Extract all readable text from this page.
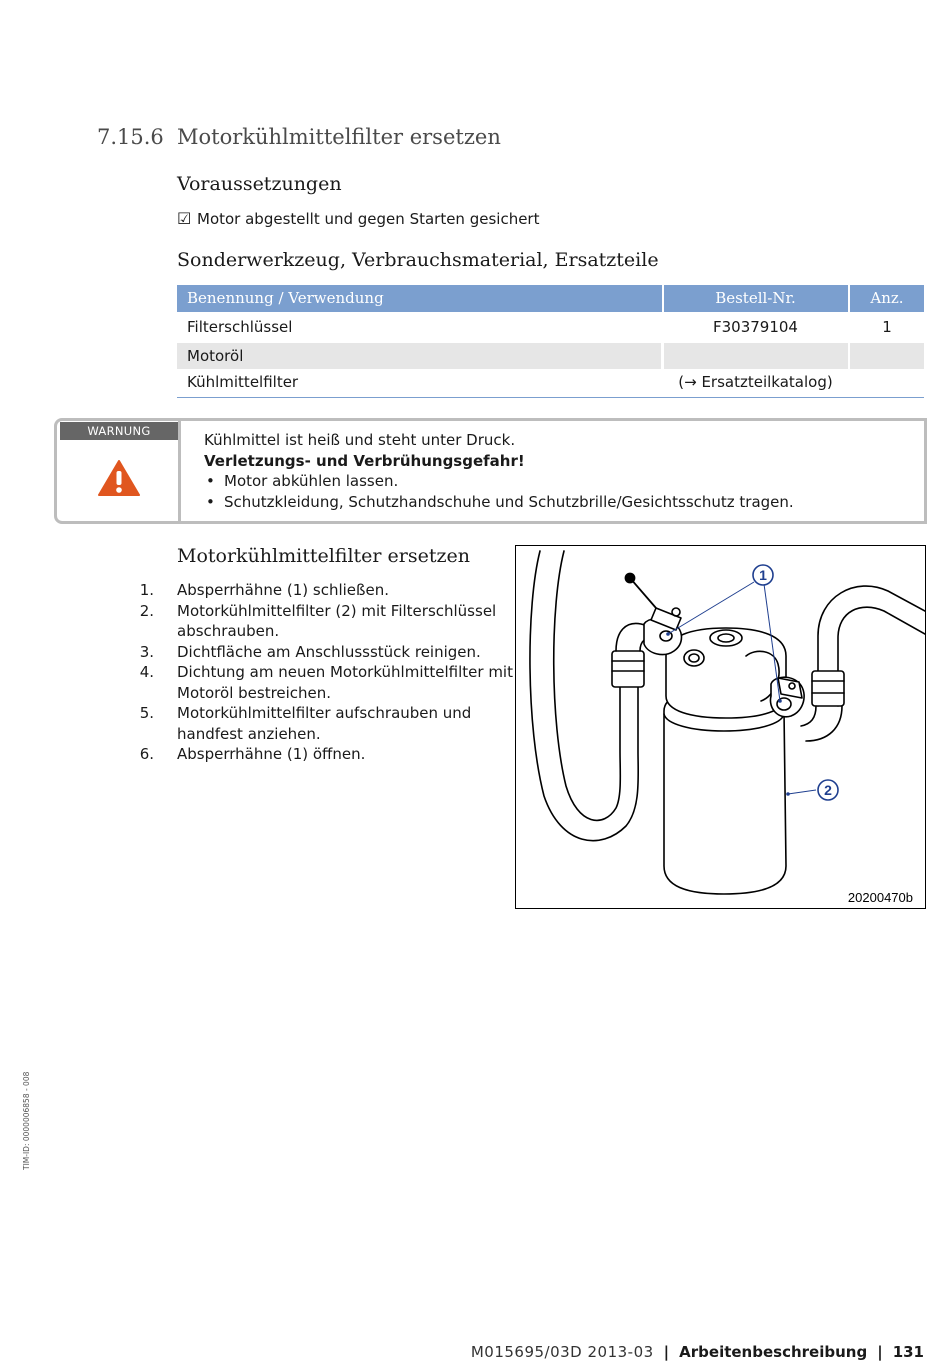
7.15.6 Motorkühlmittelfilter ersetzen
Voraussetzungen
☑ Motor abgestellt und gegen Starten gesichert
Sonderwerkzeug, Verbrauchsmaterial, Ersatzteile
Benennung / Verwendung	Bestell-Nr.	Anz.
Filterschlüssel	F30379104	1
Motoröl
Kühlmittelfilter	(→ Ersatzteilkatalog)
WARNUNG	Kühlmittel ist heiß und steht unter Druck.
Verletzungs- und Verbrühungsgefahr!
• Motor abkühlen lassen.
• Schutzkleidung, Schutzhandschuhe und Schutzbrille/Gesichtsschutz tragen.
Motorkühlmittelfilter ersetzen
1. Absperrhähne (1) schließen.
2. Motorkühlmittelfilter (2) mit Filterschlüssel abschrauben.
3. Dichtfläche am Anschlussstück reinigen.
4. Dichtung am neuen Motorkühlmittelfilter mit Motoröl bestreichen.
5. Motorkühlmittelfilter aufschrauben und handfest anziehen.
6. Absperrhähne (1) öffnen.
1
2
20200470b
TIM-ID: 0000006858 - 008
M015695/03D 2013-03 | Arbeitenbeschreibung | 131
